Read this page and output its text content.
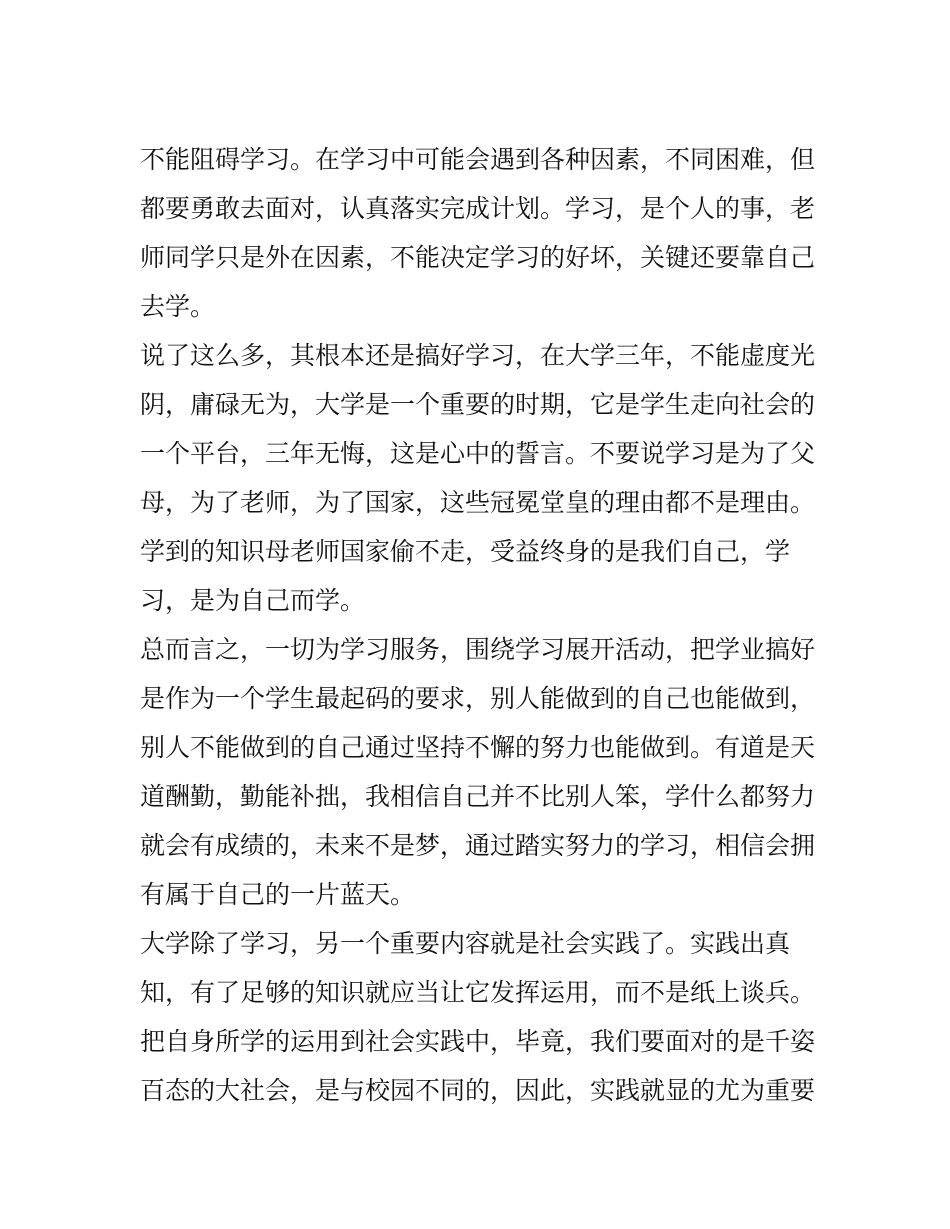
不能阻碍学习。在学习中可能会遇到各种因素，不同困难，但
都要勇敢去面对，认真落实完成计划。学习，是个人的事，老
师同学只是外在因素，不能决定学习的好坏，关键还要靠自己
去学。
说了这么多，其根本还是搞好学习，在大学三年，不能虚度光
阴，庸碌无为，大学是一个重要的时期，它是学生走向社会的
一个平台，三年无悔，这是心中的誓言。不要说学习是为了父
母，为了老师，为了国家，这些冠冕堂皇的理由都不是理由。
学到的知识母老师国家偷不走，受益终身的是我们自己，学
习，是为自己而学。
总而言之，一切为学习服务，围绕学习展开活动，把学业搞好
是作为一个学生最起码的要求，别人能做到的自己也能做到，
别人不能做到的自己通过坚持不懈的努力也能做到。有道是天
道酬勤，勤能补拙，我相信自己并不比别人笨，学什么都努力
就会有成绩的，未来不是梦，通过踏实努力的学习，相信会拥
有属于自己的一片蓝天。
大学除了学习，另一个重要内容就是社会实践了。实践出真
知，有了足够的知识就应当让它发挥运用，而不是纸上谈兵。
把自身所学的运用到社会实践中，毕竟，我们要面对的是千姿
百态的大社会，是与校园不同的，因此，实践就显的尤为重要
